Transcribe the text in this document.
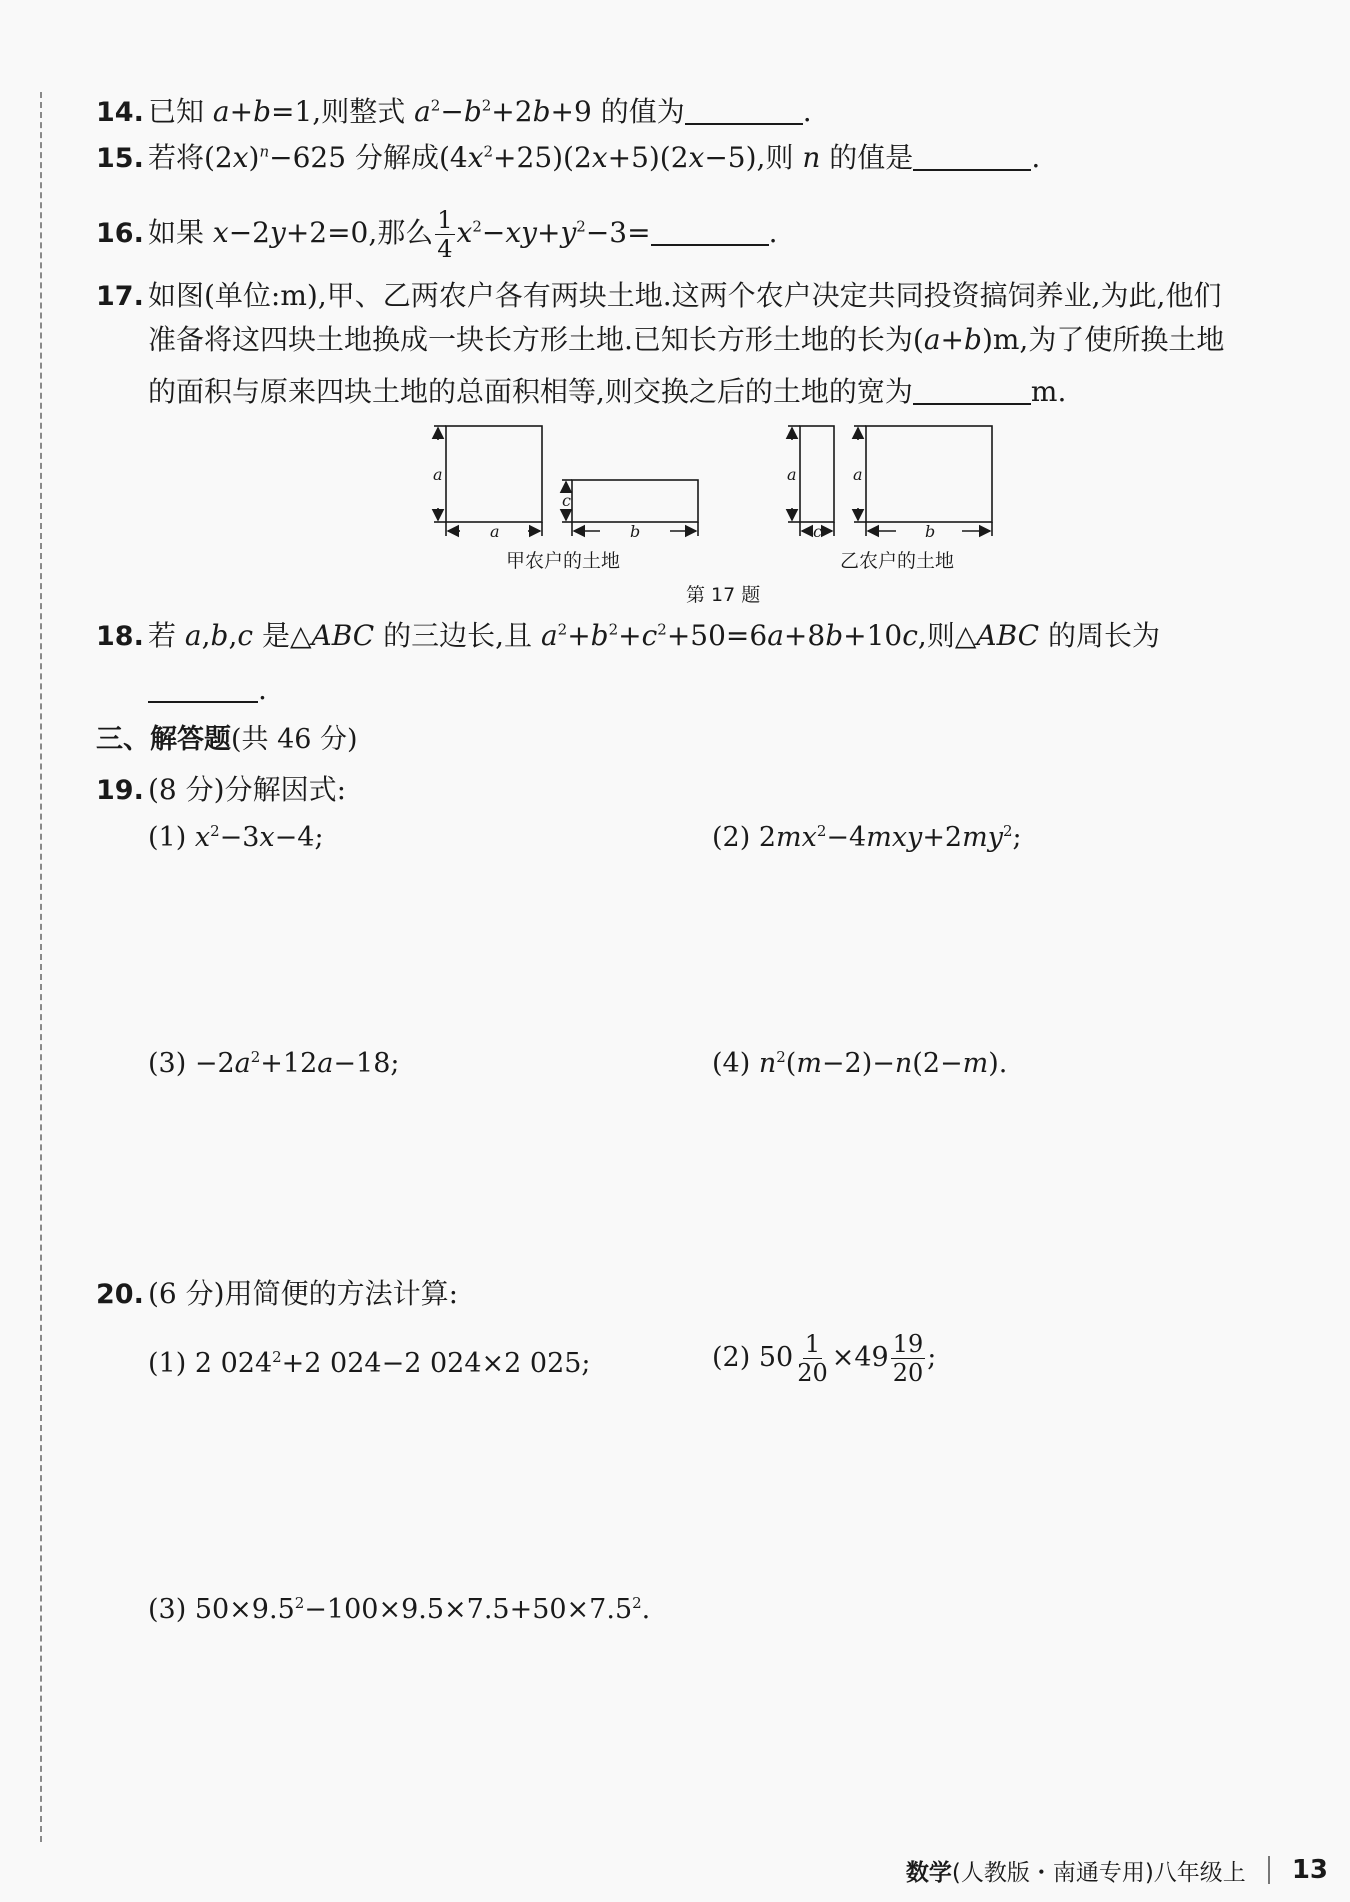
14. 已知 a+b=1,则整式 $a^2-b^2+2b+9$ 的值为	.
15. 若将$(2x)^n-625$ 分解成$(4x^2+25)(2x+5)(2x-5)$,则 n 的值是	.
16. 如果 x−2y+2=0,那么 $\frac{1}{4} x^2-xy+y^2-3=$	.
17. 如图(单位:m),甲、乙两农户各有两块土地.这两个农户决定共同投资搞饲养业,为此,他们
准备将这四块土地换成一块长方形土地.已知长方形土地的长为(a+b)m,为了使所换土地
的面积与原来四块土地的总面积相等,则交换之后的土地的宽为	m.
a
a
c
b
a
c
a
b
甲农户的土地	乙农户的土地
第 17 题
18. 若 a,b,c 是△ABC 的三边长,且 $a^2+b^2+c^2+50=6a+8b+10c$,则△ABC 的周长为
.
三、解答题(共 46 分)
19. (8 分)分解因式:
(1) $x^2-3x-4$;	(2) $2mx^2-4mxy+2my^2$;
$(3) -2a^2+12a-18$;	(4) $n^2(m-2)-n(2-m)$.
20. (6 分)用简便的方法计算:
(1) 2 $024^2+2$ 024−2 024×2 025;	(2) $50 \frac{1}{20} \times 49 \frac{19}{20}$ ;
(3) $50\times 9.5^2-100\times 9.5\times 7.5+50\times 7.5^2$.
数学(人教版・南通专用)八年级上 13
